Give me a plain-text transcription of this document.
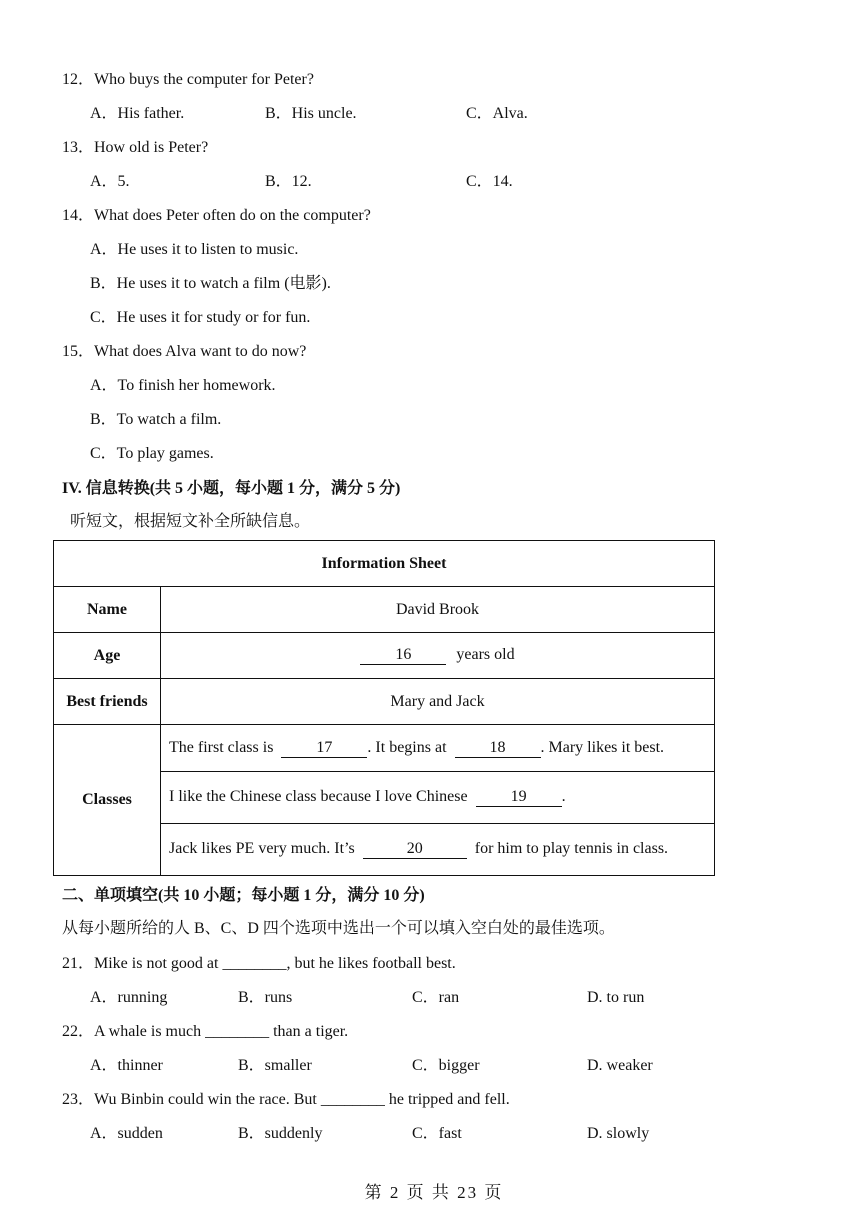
12．Who buys the computer for Peter?
A．His father.	B．His uncle.	C．Alva.
13．How old is Peter?
A．5.	B．12.	C．14.
14．What does Peter often do on the computer?
A．He uses it to listen to music.
B．He uses it to watch a film (电影).
C．He uses it for study or for fun.
15．What does Alva want to do now?
A．To finish her homework.
B．To watch a film.
C．To play games.
IV. 信息转换(共 5 小题，每小题 1 分，满分 5 分)
听短文，根据短文补全所缺信息。
Information Sheet	
Name	David Brook
Age	16 years old
Best friends	Mary and Jack
Classes	The first class is 17 . It begins at 18 . Mary likes it best.
	I like the Chinese class because I love Chinese 19 .
	Jack likes PE very much. It’s 20 for him to play tennis in class.
二、单项填空(共 10 小题；每小题 1 分，满分 10 分)
从每小题所给的人 B、C、D 四个选项中选出一个可以填入空白处的最佳选项。
21．Mike is not good at ________, but he likes football best.
A．running	B．runs	C．ran	D. to run
22．A whale is much ________ than a tiger.
A．thinner	B．smaller	C．bigger	D. weaker
23．Wu Binbin could win the race. But ________ he tripped and fell.
A．sudden	B．suddenly	C．fast	D. slowly
第 2 页 共 23 页
